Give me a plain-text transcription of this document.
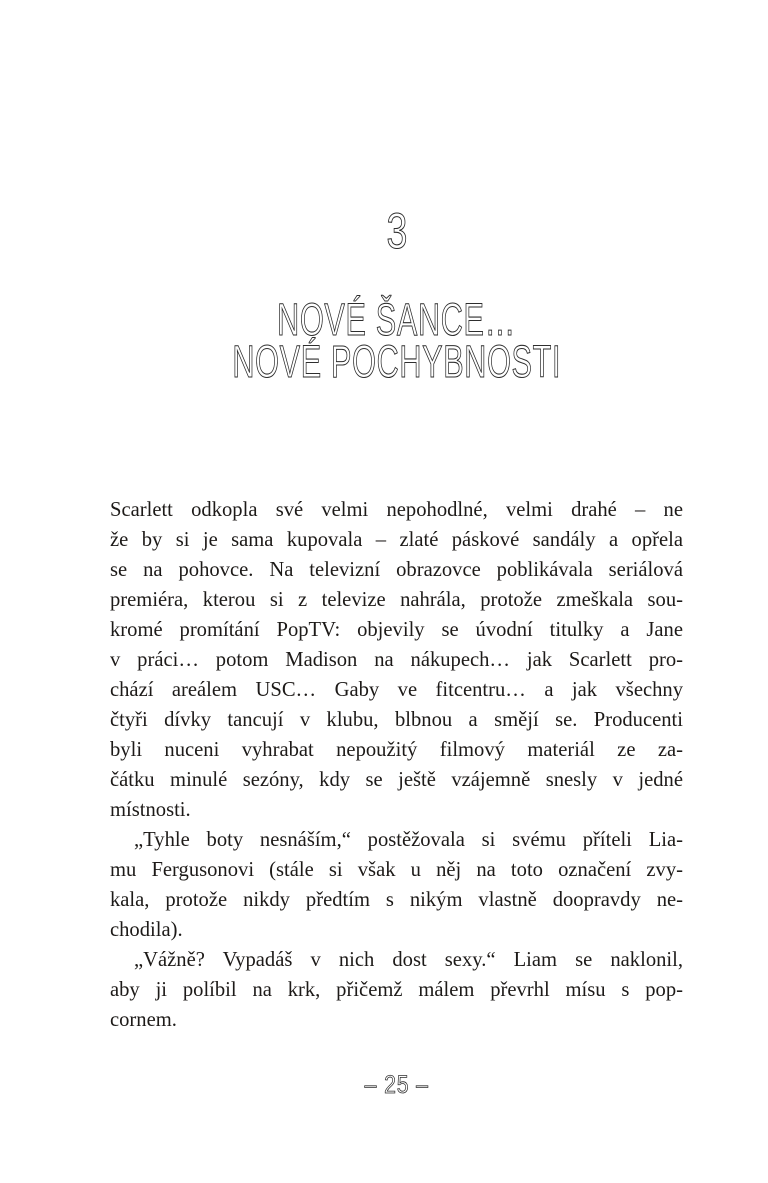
3
NOVÉ ŠANCE…
NOVÉ POCHYBNOSTI
Scarlett odkopla své velmi nepohodlné, velmi drahé – ne
že by si je sama kupovala – zlaté páskové sandály a opřela
se na pohovce. Na televizní obrazovce poblikávala seriálová
premiéra, kterou si z televize nahrála, protože zmeškala sou-
kromé promítání PopTV: objevily se úvodní titulky a Jane
v práci… potom Madison na nákupech… jak Scarlett pro-
chází areálem USC… Gaby ve fitcentru… a jak všechny
čtyři dívky tancují v klubu, blbnou a smějí se. Producenti
byli nuceni vyhrabat nepoužitý filmový materiál ze za-
čátku minulé sezóny, kdy se ještě vzájemně snesly v jedné
místnosti.
„Tyhle boty nesnáším,“ postěžovala si svému příteli Lia-
mu Fergusonovi (stále si však u něj na toto označení zvy-
kala, protože nikdy předtím s nikým vlastně doopravdy ne-
chodila).
„Vážně? Vypadáš v nich dost sexy.“ Liam se naklonil,
aby ji políbil na krk, přičemž málem převrhl mísu s pop-
cornem.
– 25 –
